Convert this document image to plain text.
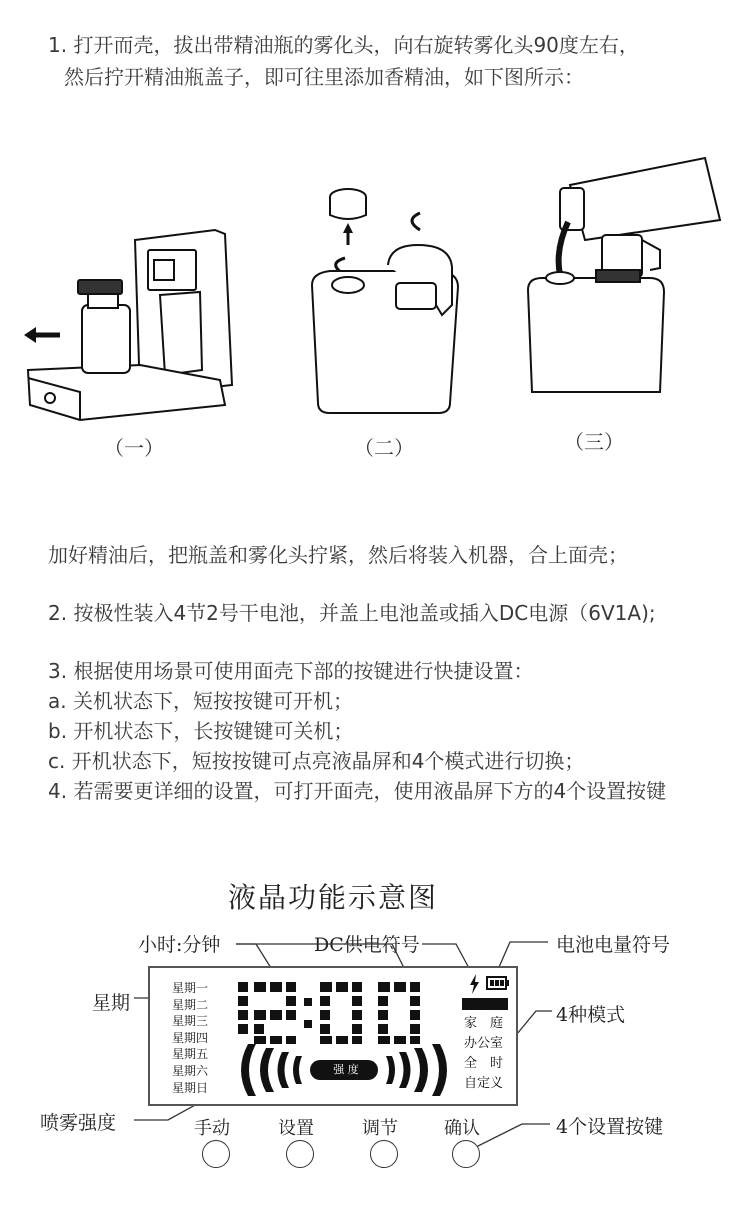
1. 打开而壳，拔出带精油瓶的雾化头，向右旋转雾化头90度左右，
然后拧开精油瓶盖子，即可往里添加香精油，如下图所示：
（一）	（二）	（三）
加好精油后，把瓶盖和雾化头拧紧，然后将装入机器，合上面壳；
2. 按极性装入4节2号干电池，并盖上电池盖或插入DC电源（6V1A);
3. 根据使用场景可使用面壳下部的按键进行快捷设置：
a. 关机状态下，短按按键可开机；
b. 开机状态下，长按键键可关机；
c. 开机状态下，短按按键可点亮液晶屏和4个模式进行切换；
4. 若需要更详细的设置，可打开面壳，使用液晶屏下方的4个设置按键
液晶功能示意图
小时:分钟	DC供电符号	电池电量符号
星期
4种模式
喷雾强度	4个设置按键
星期一
星期二
星期三
星期四
星期五
星期六
星期日
家　庭
办公室
全　时
自定义
强 度
手动	设置	调节	确认
